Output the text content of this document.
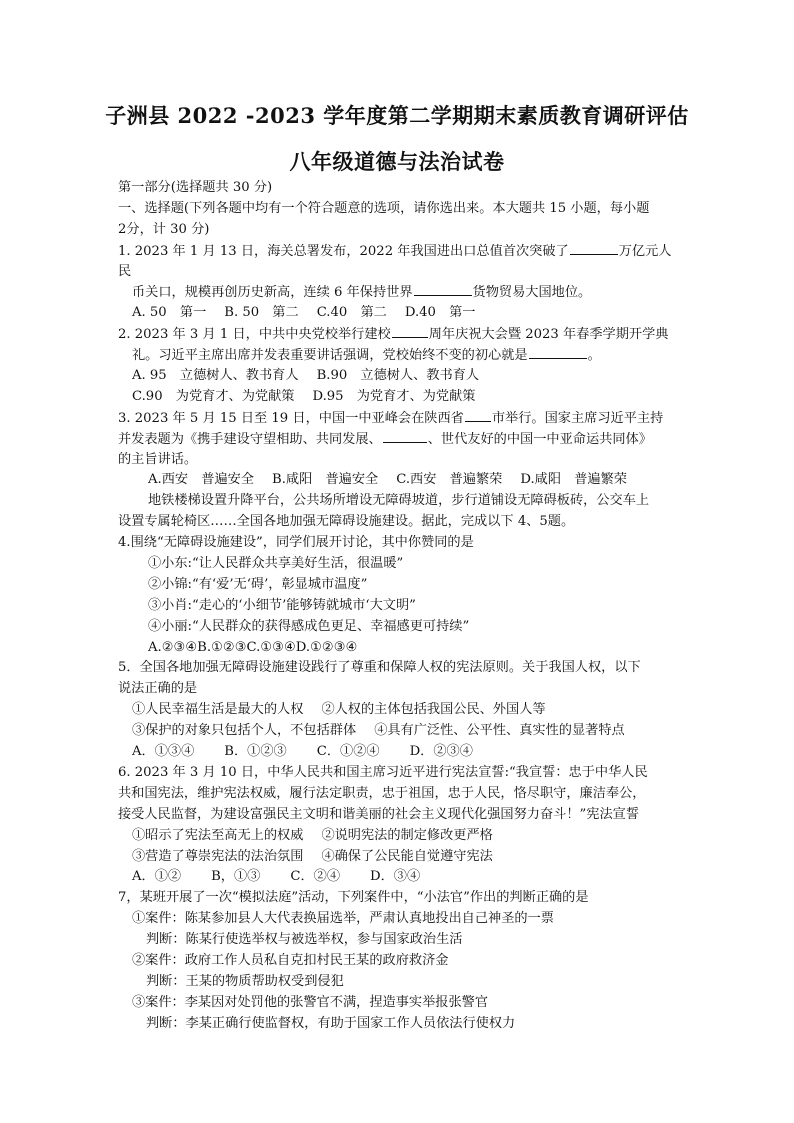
子洲县 2022 -2023 学年度第二学期期末素质教育调研评估
八年级道德与法治试卷
第一部分(选择题共 30 分)
一、选择题(下列各题中均有一个符合题意的选项，请你选出来。本大题共 15 小题，每小题
2分，计 30 分)
1. 2023 年 1 月 13 日，海关总署发布，2022 年我国进出口总值首次突破了	万亿元人
民
币关口，规模再创历史新高，连续 6 年保持世界	货物贸易大国地位。
A. 50　第一 B. 50　第二 C.40　第二 D.40　第一
2. 2023 年 3 月 1 日，中共中央党校举行建校	周年庆祝大会暨 2023 年春季学期开学典
礼。习近平主席出席并发表重要讲话强调，党校始终不变的初心就是	。
A. 95　立德树人、教书育人 B.90　立德树人、教书育人
C.90　为党育才、为党献策 D.95　为党育才、为党献策
3. 2023 年 5 月 15 日至 19 日，中国一中亚峰会在陕西省 市举行。国家主席习近平主持
并发表题为《携手建设守望相助、共同发展、	、世代友好的中国一中亚命运共同体》
的主旨讲话。
A.西安　普遍安全 B.咸阳　普遍安全 C.西安　普遍繁荣 D.咸阳　普遍繁荣
地铁楼梯设置升降平台，公共场所增设无障碍坡道，步行道铺设无障碍板砖，公交车上
设置专属轮椅区……全国各地加强无障碍设施建设。据此，完成以下 4、5题。
4.围绕“无障碍设施建设”，同学们展开讨论，其中你赞同的是
①小东:“让人民群众共享美好生活，很温暖”
②小锦:“有‘爱’无‘碍’，彰显城市温度”
③小肖:“走心的‘小细节’能够铸就城市‘大文明”
④小丽:“人民群众的获得感成色更足、幸福感更可持续”
A.②③④B.①②③C.①③④D.①②③④
5．全国各地加强无障碍设施建设践行了尊重和保障人权的宪法原则。关于我国人权，以下
说法正确的是
①人民幸福生活是最大的人权 ②人权的主体包括我国公民、外国人等
③保护的对象只包括个人，不包括群体 ④具有广泛性、公平性、真实性的显著特点
A．①③④ B．①②③ C．①②④ D．②③④
6. 2023 年 3 月 10 日，中华人民共和国主席习近平进行宪法宣誓:“我宣誓：忠于中华人民
共和国宪法，维护宪法权威，履行法定职责，忠于祖国，忠于人民，恪尽职守，廉洁奉公，
接受人民监督，为建设富强民主文明和谐美丽的社会主义现代化强国努力奋斗！”宪法宣誓
①昭示了宪法至高无上的权威 ②说明宪法的制定修改更严格
③营造了尊崇宪法的法治氛围 ④确保了公民能自觉遵守宪法
A．①② B，①③ C．②④ D．③④
7，某班开展了一次“模拟法庭”活动，下列案件中，“小法官”作出的判断正确的是
①案件：陈某参加县人大代表换届选举，严肃认真地投出自己神圣的一票
判断：陈某行使选举权与被选举权，参与国家政治生活
②案件：政府工作人员私自克扣村民王某的政府救济金
判断：王某的物质帮助权受到侵犯
③案件：李某因对处罚他的张警官不满，捏造事实举报张警官
判断：李某正确行使监督权，有助于国家工作人员依法行使权力
